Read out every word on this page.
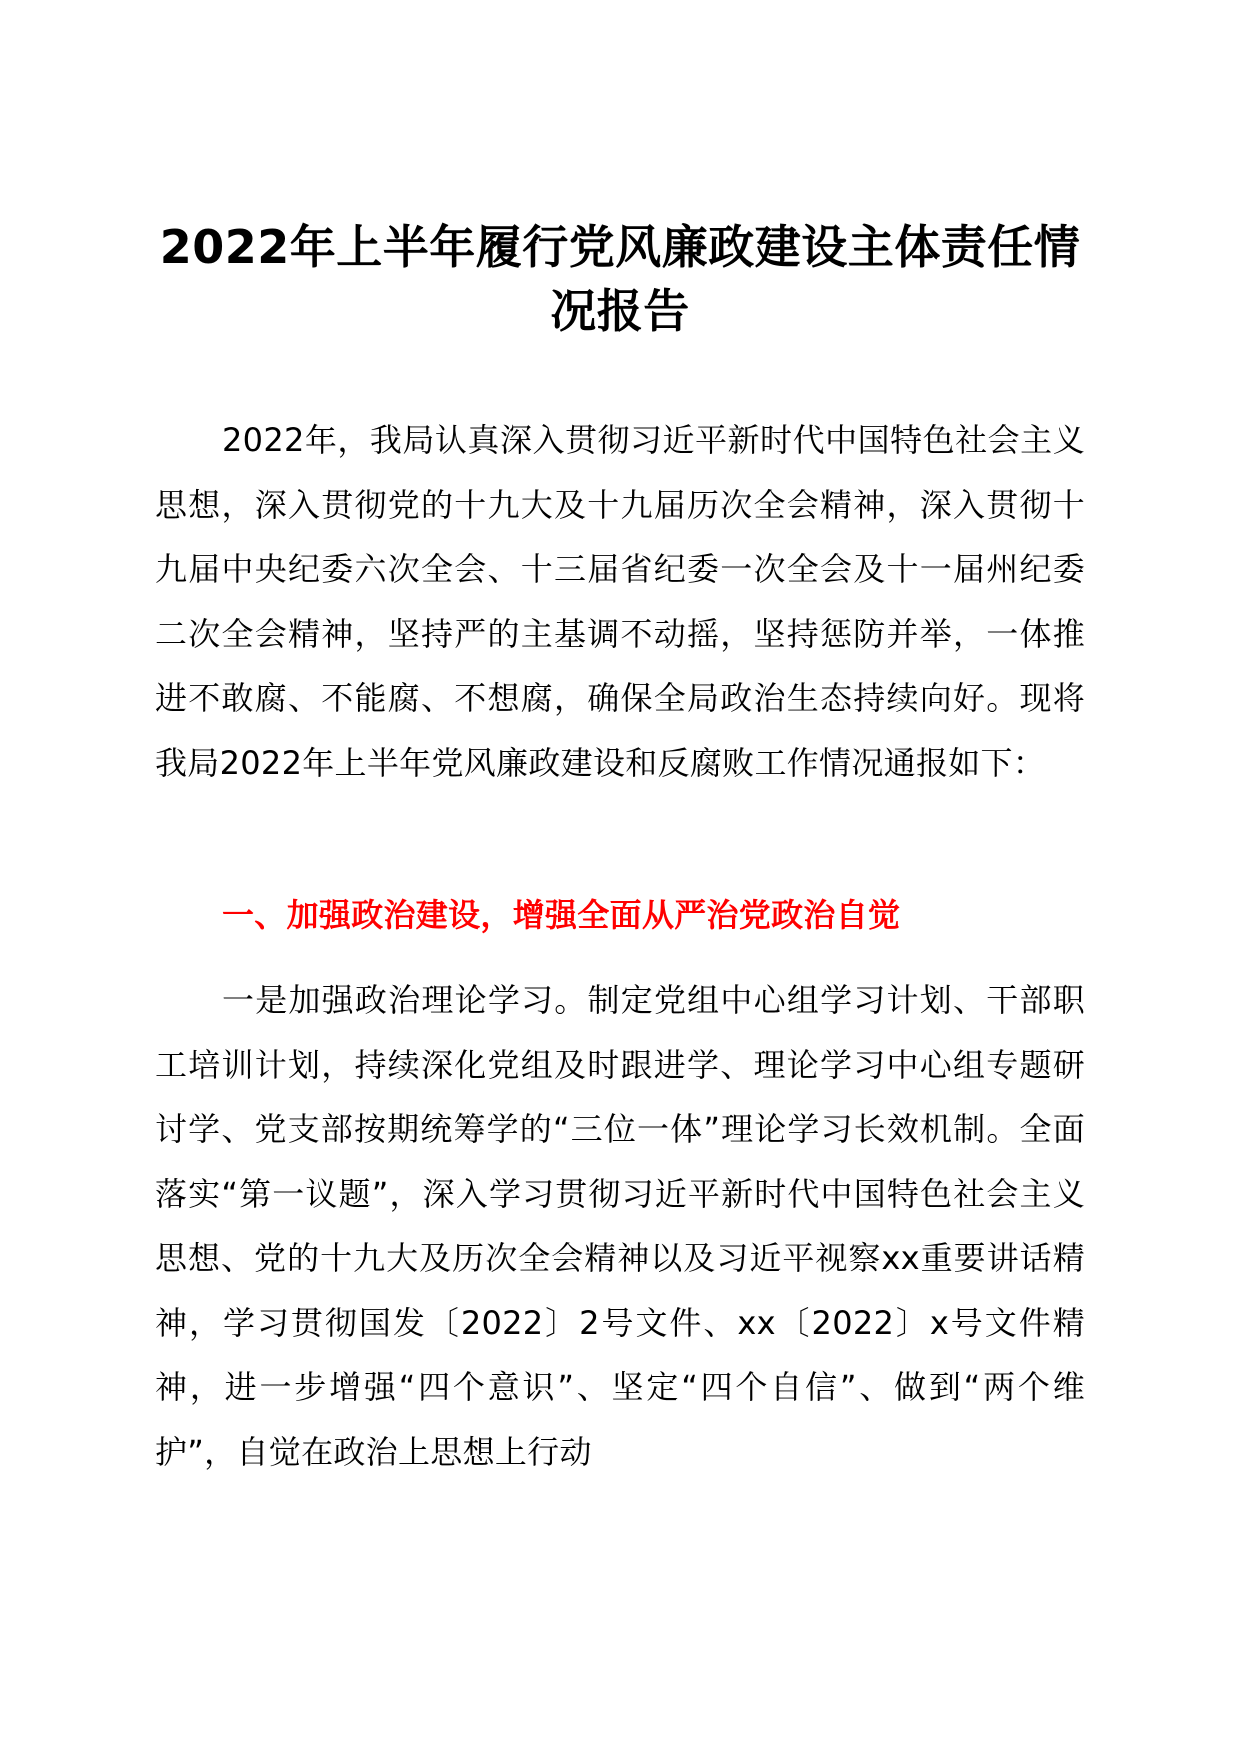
2022年上半年履行党风廉政建设主体责任情况报告
2022年，我局认真深入贯彻习近平新时代中国特色社会主义思想，深入贯彻党的十九大及十九届历次全会精神，深入贯彻十九届中央纪委六次全会、十三届省纪委一次全会及十一届州纪委二次全会精神，坚持严的主基调不动摇，坚持惩防并举，一体推进不敢腐、不能腐、不想腐，确保全局政治生态持续向好。现将我局2022年上半年党风廉政建设和反腐败工作情况通报如下：
一、加强政治建设，增强全面从严治党政治自觉
一是加强政治理论学习。制定党组中心组学习计划、干部职工培训计划，持续深化党组及时跟进学、理论学习中心组专题研讨学、党支部按期统筹学的“三位一体”理论学习长效机制。全面落实“第一议题”，深入学习贯彻习近平新时代中国特色社会主义思想、党的十九大及历次全会精神以及习近平视察xx重要讲话精神，学习贯彻国发〔2022〕2号文件、xx〔2022〕x号文件精神，进一步增强“四个意识”、坚定“四个自信”、做到“两个维护”，自觉在政治上思想上行动
